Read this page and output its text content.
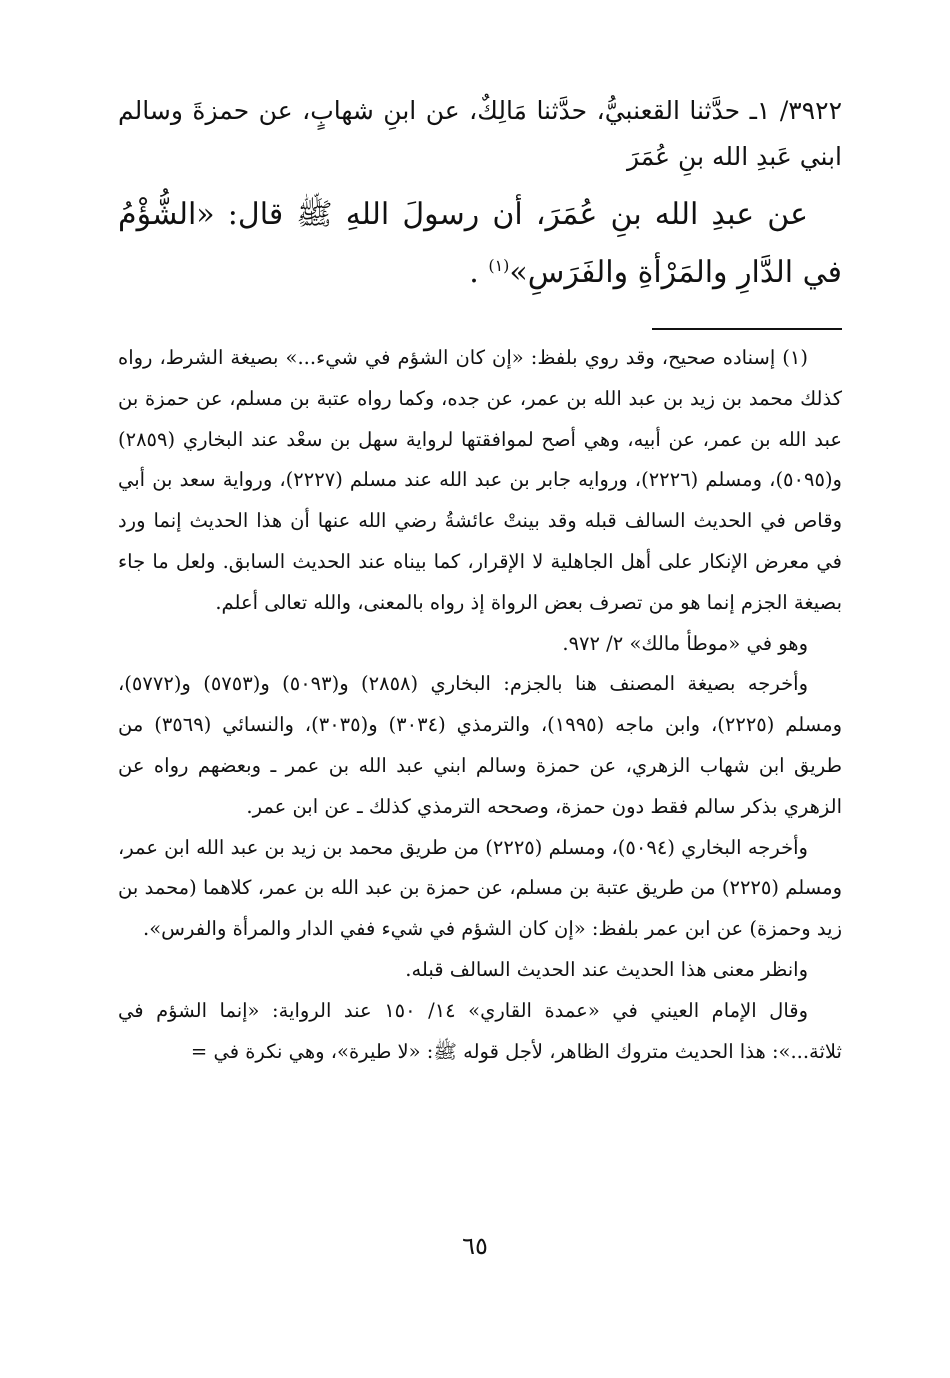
٣٩٢٢/ ١ـ حدَّثنا القعنبيُّ، حدَّثنا مَالِكٌ، عن ابنِ شهابٍ، عن حمزةَ وسالم ابني عَبدِ الله بنِ عُمَرَ

عن عبدِ الله بنِ عُمَرَ، أن رسولَ اللهِ ﷺ قال: «الشُّؤْمُ في الدَّارِ والمَرْأةِ والفَرَسِ»$^{(١)}$ .

(١) إسناده صحيح، وقد روي بلفظ: «إن كان الشؤم في شيء...» بصيغة الشرط، رواه كذلك محمد بن زيد بن عبد الله بن عمر، عن جده، وكما رواه عتبة بن مسلم، عن حمزة بن عبد الله بن عمر، عن أبيه، وهي أصح لموافقتها لرواية سهل بن سعْد عند البخاري (٢٨٥٩) و(٥٠٩٥)، ومسلم (٢٢٢٦)، وروايه جابر بن عبد الله عند مسلم (٢٢٢٧)، ورواية سعد بن أبي وقاص في الحديث السالف قبله وقد بينتْ عائشةُ رضي الله عنها أن هذا الحديث إنما ورد في معرض الإنكار على أهل الجاهلية لا الإقرار، كما بيناه عند الحديث السابق. ولعل ما جاء بصيغة الجزم إنما هو من تصرف بعض الرواة إذ رواه بالمعنى، والله تعالى أعلم.

وهو في «موطأ مالك» ٢/ ٩٧٢.

وأخرجه بصيغة المصنف هنا بالجزم: البخاري (٢٨٥٨) و(٥٠٩٣) و(٥٧٥٣) و(٥٧٧٢)، ومسلم (٢٢٢٥)، وابن ماجه (١٩٩٥)، والترمذي (٣٠٣٤) و(٣٠٣٥)، والنسائي (٣٥٦٩) من طريق ابن شهاب الزهري، عن حمزة وسالم ابني عبد الله بن عمر ـ وبعضهم رواه عن الزهري بذكر سالم فقط دون حمزة، وصححه الترمذي كذلك ـ عن ابن عمر.

وأخرجه البخاري (٥٠٩٤)، ومسلم (٢٢٢٥) من طريق محمد بن زيد بن عبد الله ابن عمر، ومسلم (٢٢٢٥) من طريق عتبة بن مسلم، عن حمزة بن عبد الله بن عمر، كلاهما (محمد بن زيد وحمزة) عن ابن عمر بلفظ: «إن كان الشؤم في شيء ففي الدار والمرأة والفرس».

وانظر معنى هذا الحديث عند الحديث السالف قبله.

وقال الإمام العيني في «عمدة القاري» ١٤/ ١٥٠ عند الرواية: «إنما الشؤم في ثلاثة...»: هذا الحديث متروك الظاهر، لأجل قوله ﷺ: «لا طيرة»، وهي نكرة في =

٦٥
